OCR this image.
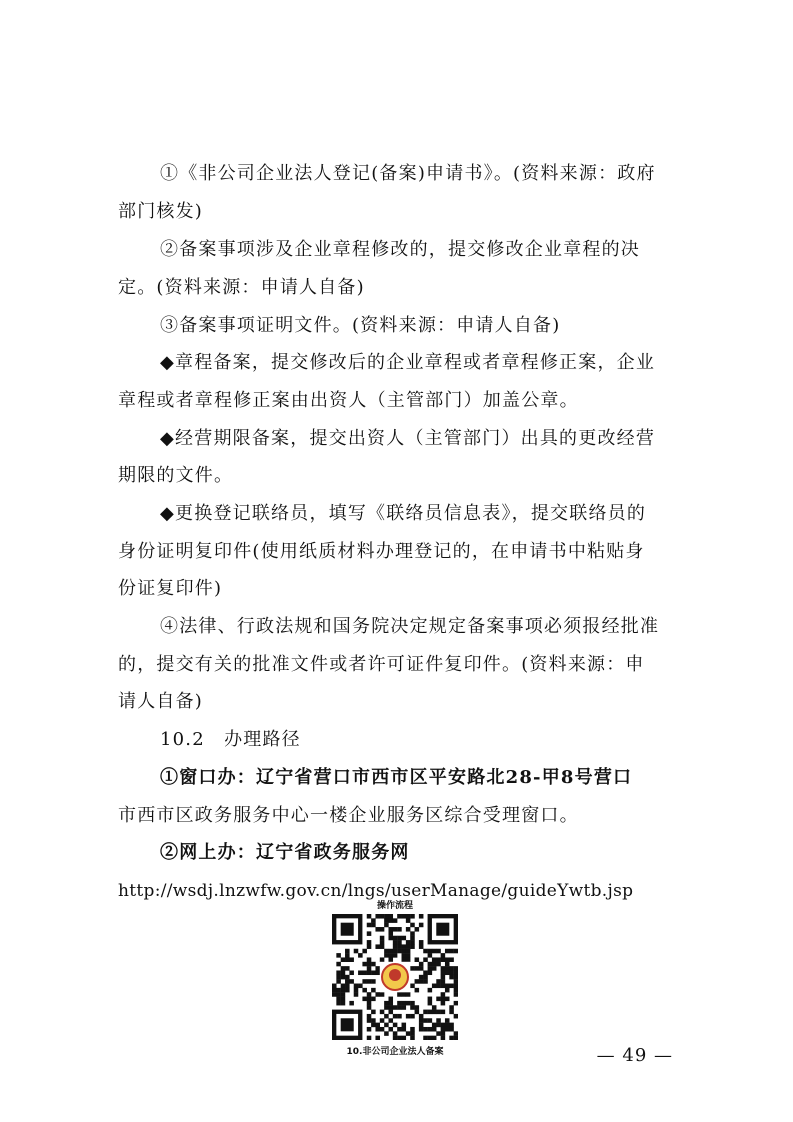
①《非公司企业法人登记(备案)申请书》。(资料来源：政府
部门核发)
②备案事项涉及企业章程修改的，提交修改企业章程的决
定。(资料来源：申请人自备)
③备案事项证明文件。(资料来源：申请人自备)
◆章程备案，提交修改后的企业章程或者章程修正案，企业
章程或者章程修正案由出资人（主管部门）加盖公章。
◆经营期限备案，提交出资人（主管部门）出具的更改经营
期限的文件。
◆更换登记联络员，填写《联络员信息表》，提交联络员的
身份证明复印件(使用纸质材料办理登记的，在申请书中粘贴身
份证复印件)
④法律、行政法规和国务院决定规定备案事项必须报经批准
的，提交有关的批准文件或者许可证件复印件。(资料来源：申
请人自备)
10.2　办理路径
①窗口办：辽宁省营口市西市区平安路北28-甲8号营口
市西市区政务服务中心一楼企业服务区综合受理窗口。
②网上办：辽宁省政务服务网
http://wsdj.lnzwfw.gov.cn/lngs/userManage/guideYwtb.jsp
操作流程
10.非公司企业法人备案	— 49 —
